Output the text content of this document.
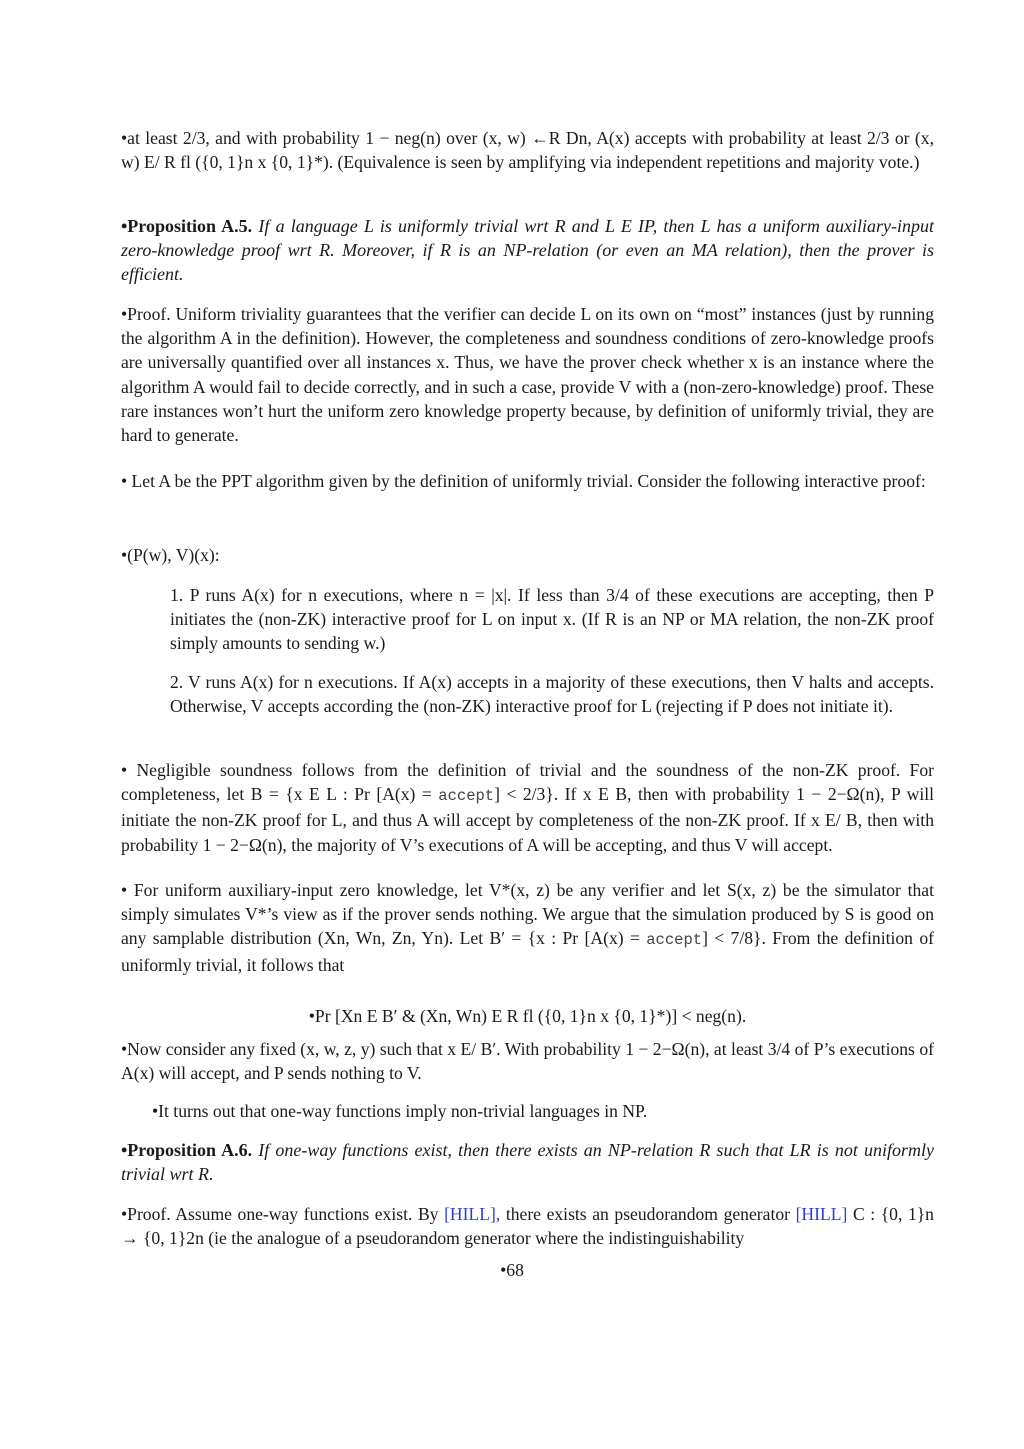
•at least 2/3, and with probability 1 − neg(n) over (x, w) ←R Dn, A(x) accepts with probability at least 2/3 or (x, w) E/ R fl ({0, 1}n x {0, 1}*). (Equivalence is seen by amplifying via independent repetitions and majority vote.)

•Proposition A.5. If a language L is uniformly trivial wrt R and L E IP, then L has a uniform auxiliary-input zero-knowledge proof wrt R. Moreover, if R is an NP-relation (or even an MA relation), then the prover is efficient.

•Proof. Uniform triviality guarantees that the verifier can decide L on its own on “most” instances (just by running the algorithm A in the definition). However, the completeness and soundness conditions of zero-knowledge proofs are universally quantified over all instances x. Thus, we have the prover check whether x is an instance where the algorithm A would fail to decide correctly, and in such a case, provide V with a (non-zero-knowledge) proof. These rare instances won’t hurt the uniform zero knowledge property because, by definition of uniformly trivial, they are hard to generate.

• Let A be the PPT algorithm given by the definition of uniformly trivial. Consider the following interactive proof:

•(P(w), V)(x):

1. P runs A(x) for n executions, where n = |x|. If less than 3/4 of these executions are accepting, then P initiates the (non-ZK) interactive proof for L on input x. (If R is an NP or MA relation, the non-ZK proof simply amounts to sending w.)

2. V runs A(x) for n executions. If A(x) accepts in a majority of these executions, then V halts and accepts. Otherwise, V accepts according the (non-ZK) interactive proof for L (rejecting if P does not initiate it).

• Negligible soundness follows from the definition of trivial and the soundness of the non-ZK proof. For completeness, let B = {x E L : Pr [A(x) = accept] < 2/3}. If x E B, then with probability 1 − 2−Ω(n), P will initiate the non-ZK proof for L, and thus A will accept by completeness of the non-ZK proof. If x E/ B, then with probability 1 − 2−Ω(n), the majority of V’s executions of A will be accepting, and thus V will accept.

• For uniform auxiliary-input zero knowledge, let V*(x, z) be any verifier and let S(x, z) be the simulator that simply simulates V*’s view as if the prover sends nothing. We argue that the simulation produced by S is good on any samplable distribution (Xn, Wn, Zn, Yn). Let B′ = {x : Pr [A(x) = accept] < 7/8}. From the definition of uniformly trivial, it follows that

•Pr [Xn E B′ & (Xn, Wn) E R fl ({0, 1}n x {0, 1}*)] < neg(n).

•Now consider any fixed (x, w, z, y) such that x E/ B′. With probability 1 − 2−Ω(n), at least 3/4 of P’s executions of A(x) will accept, and P sends nothing to V.

•It turns out that one-way functions imply non-trivial languages in NP.

•Proposition A.6. If one-way functions exist, then there exists an NP-relation R such that LR is not uniformly trivial wrt R.

•Proof. Assume one-way functions exist. By [HILL], there exists an pseudorandom generator [HILL] C : {0, 1}n → {0, 1}2n (ie the analogue of a pseudorandom generator where the indistinguishability

•68
